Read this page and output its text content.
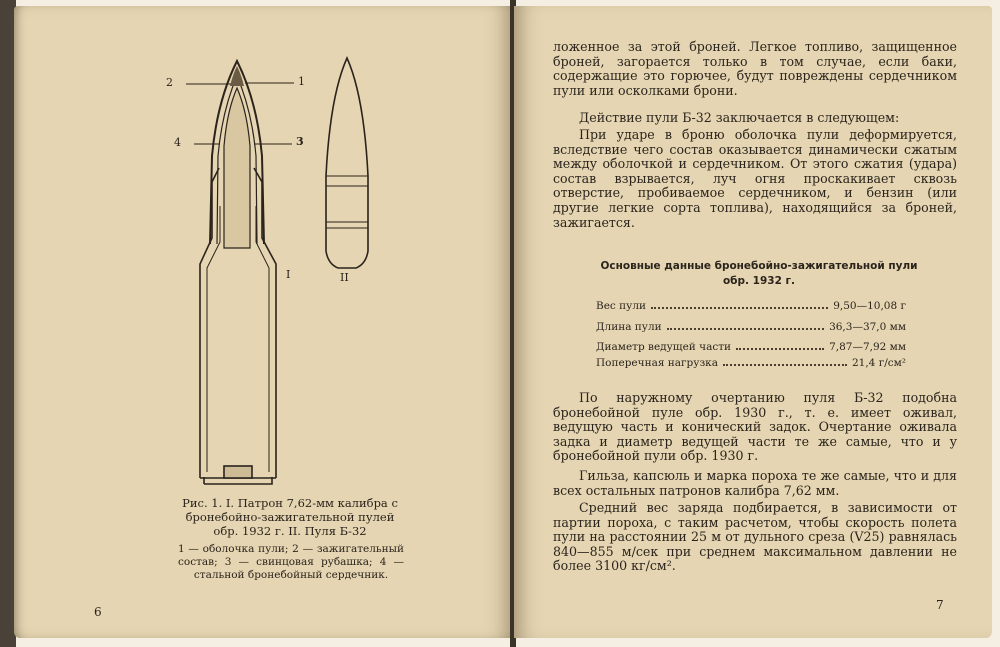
2	1
4	3
I	II
Рис. 1. I. Патрон 7,62-мм калибра с бронебойно-зажигательной пулей обр. 1932 г. II. Пуля Б-32
1 — оболочка пули; 2 — зажигательный состав; 3 — свинцовая рубашка; 4 — стальной бронебойный сердечник.
6
ложенное за этой броней. Легкое топливо, защищенное броней, загорается только в том случае, если баки, содержащие это горючее, будут повреждены сердечником пули или осколками брони.
Действие пули Б-32 заключается в следующем:
При ударе в броню оболочка пули деформируется, вследствие чего состав оказывается динамически сжатым между оболочкой и сердечником. От этого сжатия (удара) состав взрывается, луч огня проскакивает сквозь отверстие, пробиваемое сердечником, и бензин (или другие легкие сорта топлива), находящийся за броней, зажигается.
Основные данные бронебойно-зажигательной пули обр. 1932 г.
Вес пули	9,50—10,08 г
Длина пули	36,3—37,0 мм
Диаметр ведущей части	7,87—7,92 мм
Поперечная нагрузка	21,4 г/см²
По наружному очертанию пуля Б-32 подобна бронебойной пуле обр. 1930 г., т. е. имеет оживал, ведущую часть и конический задок. Очертание оживала задка и диаметр ведущей части те же самые, что и у бронебойной пули обр. 1930 г.
Гильза, капсюль и марка пороха те же самые, что и для всех остальных патронов калибра 7,62 мм.
Средний вес заряда подбирается, в зависимости от партии пороха, с таким расчетом, чтобы скорость полета пули на расстоянии 25 м от дульного среза (V25) равнялась 840—855 м/сек при среднем максимальном давлении не более 3100 кг/см².
7
